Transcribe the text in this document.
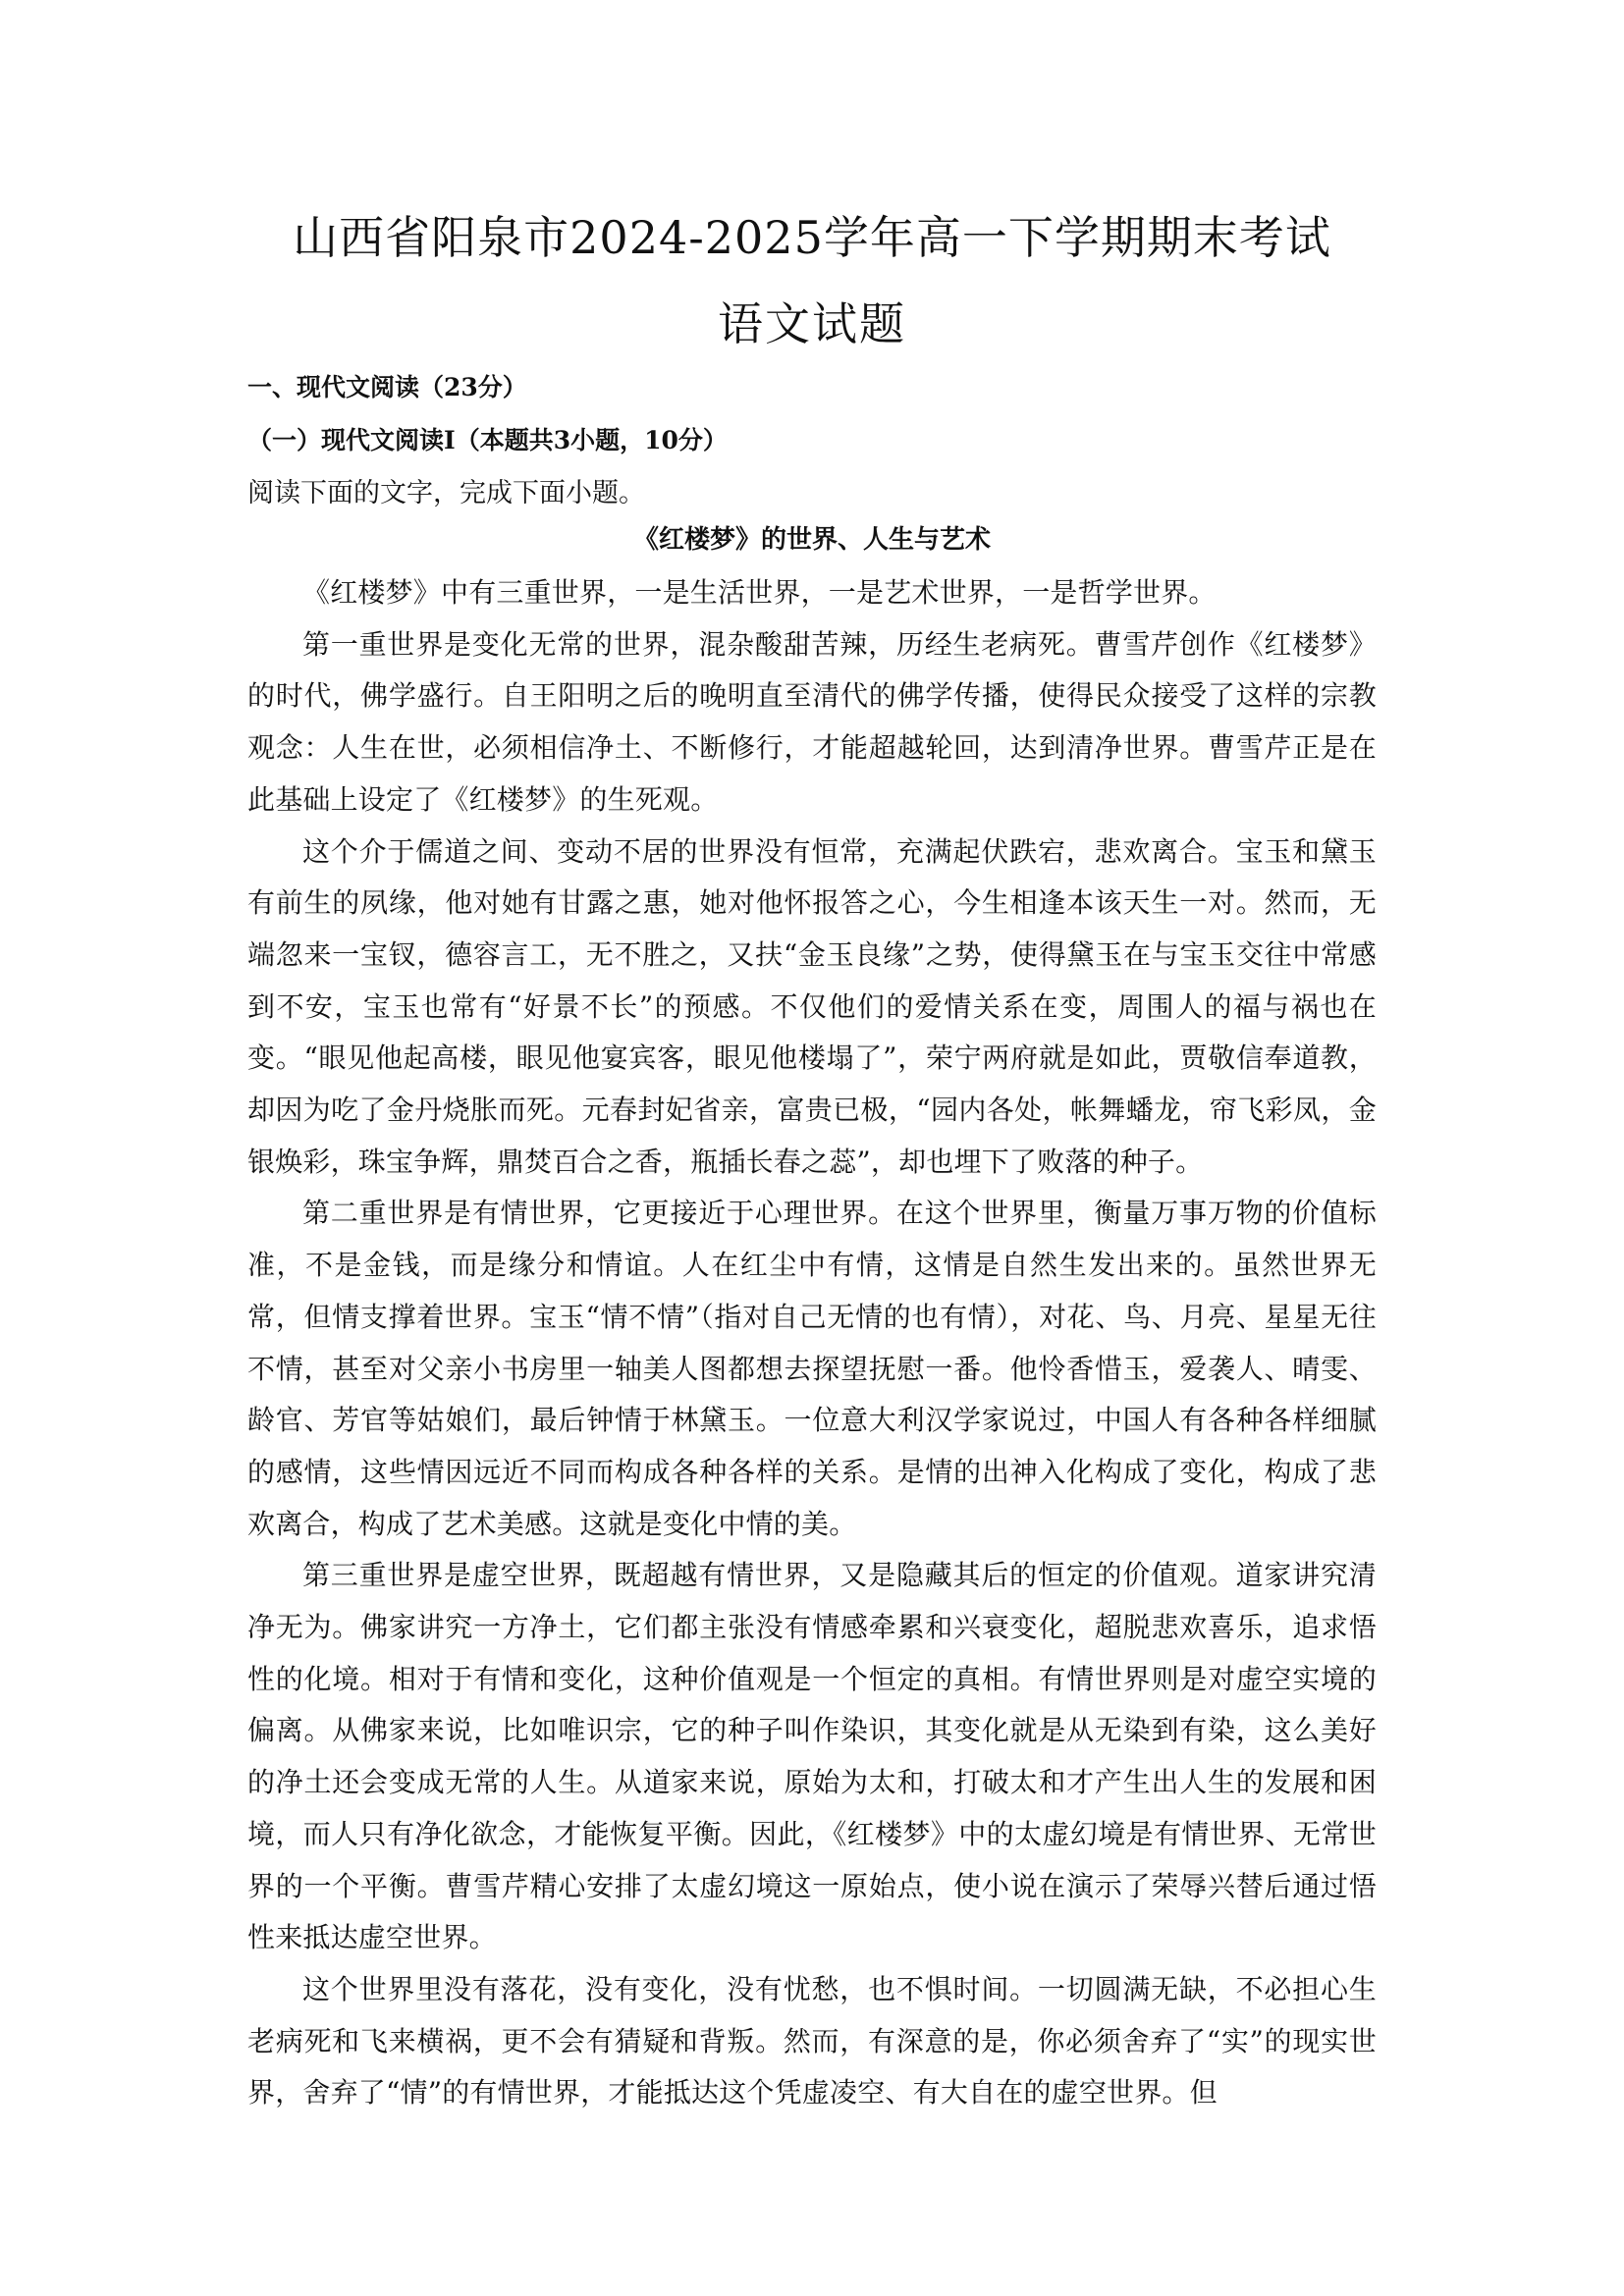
山西省阳泉市2024-2025学年高一下学期期末考试
语文试题
一、现代文阅读（23分）
（一）现代文阅读Ⅰ（本题共3小题，10分）
阅读下面的文字，完成下面小题。
《红楼梦》的世界、人生与艺术

《红楼梦》中有三重世界，一是生活世界，一是艺术世界，一是哲学世界。

第一重世界是变化无常的世界，混杂酸甜苦辣，历经生老病死。曹雪芹创作《红楼梦》的时代，佛学盛行。自王阳明之后的晚明直至清代的佛学传播，使得民众接受了这样的宗教观念：人生在世，必须相信净土、不断修行，才能超越轮回，达到清净世界。曹雪芹正是在此基础上设定了《红楼梦》的生死观。

这个介于儒道之间、变动不居的世界没有恒常，充满起伏跌宕，悲欢离合。宝玉和黛玉有前生的夙缘，他对她有甘露之惠，她对他怀报答之心，今生相逢本该天生一对。然而，无端忽来一宝钗，德容言工，无不胜之，又扶“金玉良缘”之势，使得黛玉在与宝玉交往中常感到不安，宝玉也常有“好景不长”的预感。不仅他们的爱情关系在变，周围人的福与祸也在变。“眼见他起高楼，眼见他宴宾客，眼见他楼塌了”，荣宁两府就是如此，贾敬信奉道教，却因为吃了金丹烧胀而死。元春封妃省亲，富贵已极，“园内各处，帐舞蟠龙，帘飞彩凤，金银焕彩，珠宝争辉，鼎焚百合之香，瓶插长春之蕊”，却也埋下了败落的种子。

第二重世界是有情世界，它更接近于心理世界。在这个世界里，衡量万事万物的价值标准，不是金钱，而是缘分和情谊。人在红尘中有情，这情是自然生发出来的。虽然世界无常，但情支撑着世界。宝玉“情不情”（指对自己无情的也有情），对花、鸟、月亮、星星无往不情，甚至对父亲小书房里一轴美人图都想去探望抚慰一番。他怜香惜玉，爱袭人、晴雯、龄官、芳官等姑娘们，最后钟情于林黛玉。一位意大利汉学家说过，中国人有各种各样细腻的感情，这些情因远近不同而构成各种各样的关系。是情的出神入化构成了变化，构成了悲欢离合，构成了艺术美感。这就是变化中情的美。

第三重世界是虚空世界，既超越有情世界，又是隐藏其后的恒定的价值观。道家讲究清净无为。佛家讲究一方净土，它们都主张没有情感牵累和兴衰变化，超脱悲欢喜乐，追求悟性的化境。相对于有情和变化，这种价值观是一个恒定的真相。有情世界则是对虚空实境的偏离。从佛家来说，比如唯识宗，它的种子叫作染识，其变化就是从无染到有染，这么美好的净土还会变成无常的人生。从道家来说，原始为太和，打破太和才产生出人生的发展和困境，而人只有净化欲念，才能恢复平衡。因此，《红楼梦》中的太虚幻境是有情世界、无常世界的一个平衡。曹雪芹精心安排了太虚幻境这一原始点，使小说在演示了荣辱兴替后通过悟性来抵达虚空世界。

这个世界里没有落花，没有变化，没有忧愁，也不惧时间。一切圆满无缺，不必担心生老病死和飞来横祸，更不会有猜疑和背叛。然而，有深意的是，你必须舍弃了“实”的现实世界，舍弃了“情”的有情世界，才能抵达这个凭虚凌空、有大自在的虚空世界。但
